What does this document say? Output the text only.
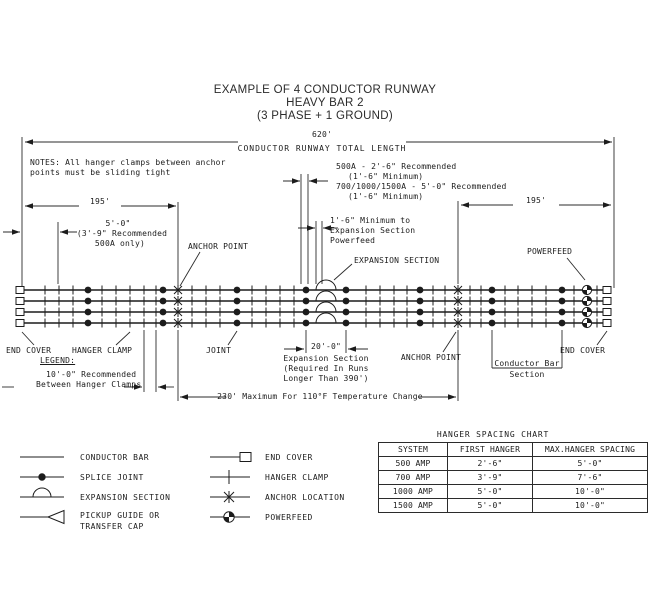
EXAMPLE OF 4 CONDUCTOR RUNWAY
HEAVY BAR 2
(3 PHASE + 1 GROUND)
NOTES: All hanger clamps between anchor
points must be sliding tight
620'
CONDUCTOR RUNWAY TOTAL LENGTH
195'	195'
5'-0"
(3'-9" Recommended
500A only)
500A - 2'-6" Recommended
(1'-6" Minimum)
700/1000/1500A - 5'-0" Recommended
(1'-6" Minimum)
1'-6" Minimum to
Expansion Section
Powerfeed
EXPANSION SECTION
ANCHOR POINT
POWERFEED
END COVER	HANGER CLAMP	JOINT	20'-0"
Expansion Section
(Required In Runs
Longer Than 390')
ANCHOR POINT
Conductor Bar
Section
END COVER
230' Maximum For 110°F Temperature Change
LEGEND:
10'-0" Recommended
Between Hanger Clamps
CONDUCTOR BAR
SPLICE JOINT
EXPANSION SECTION
PICKUP GUIDE OR
TRANSFER CAP
END COVER
HANGER CLAMP
ANCHOR LOCATION
POWERFEED
HANGER SPACING CHART
SYSTEM	FIRST HANGER	MAX.HANGER SPACING
500 AMP	2'-6"	5'-0"
700 AMP	3'-9"	7'-6"
1000 AMP	5'-0"	10'-0"
1500 AMP	5'-0"	10'-0"
